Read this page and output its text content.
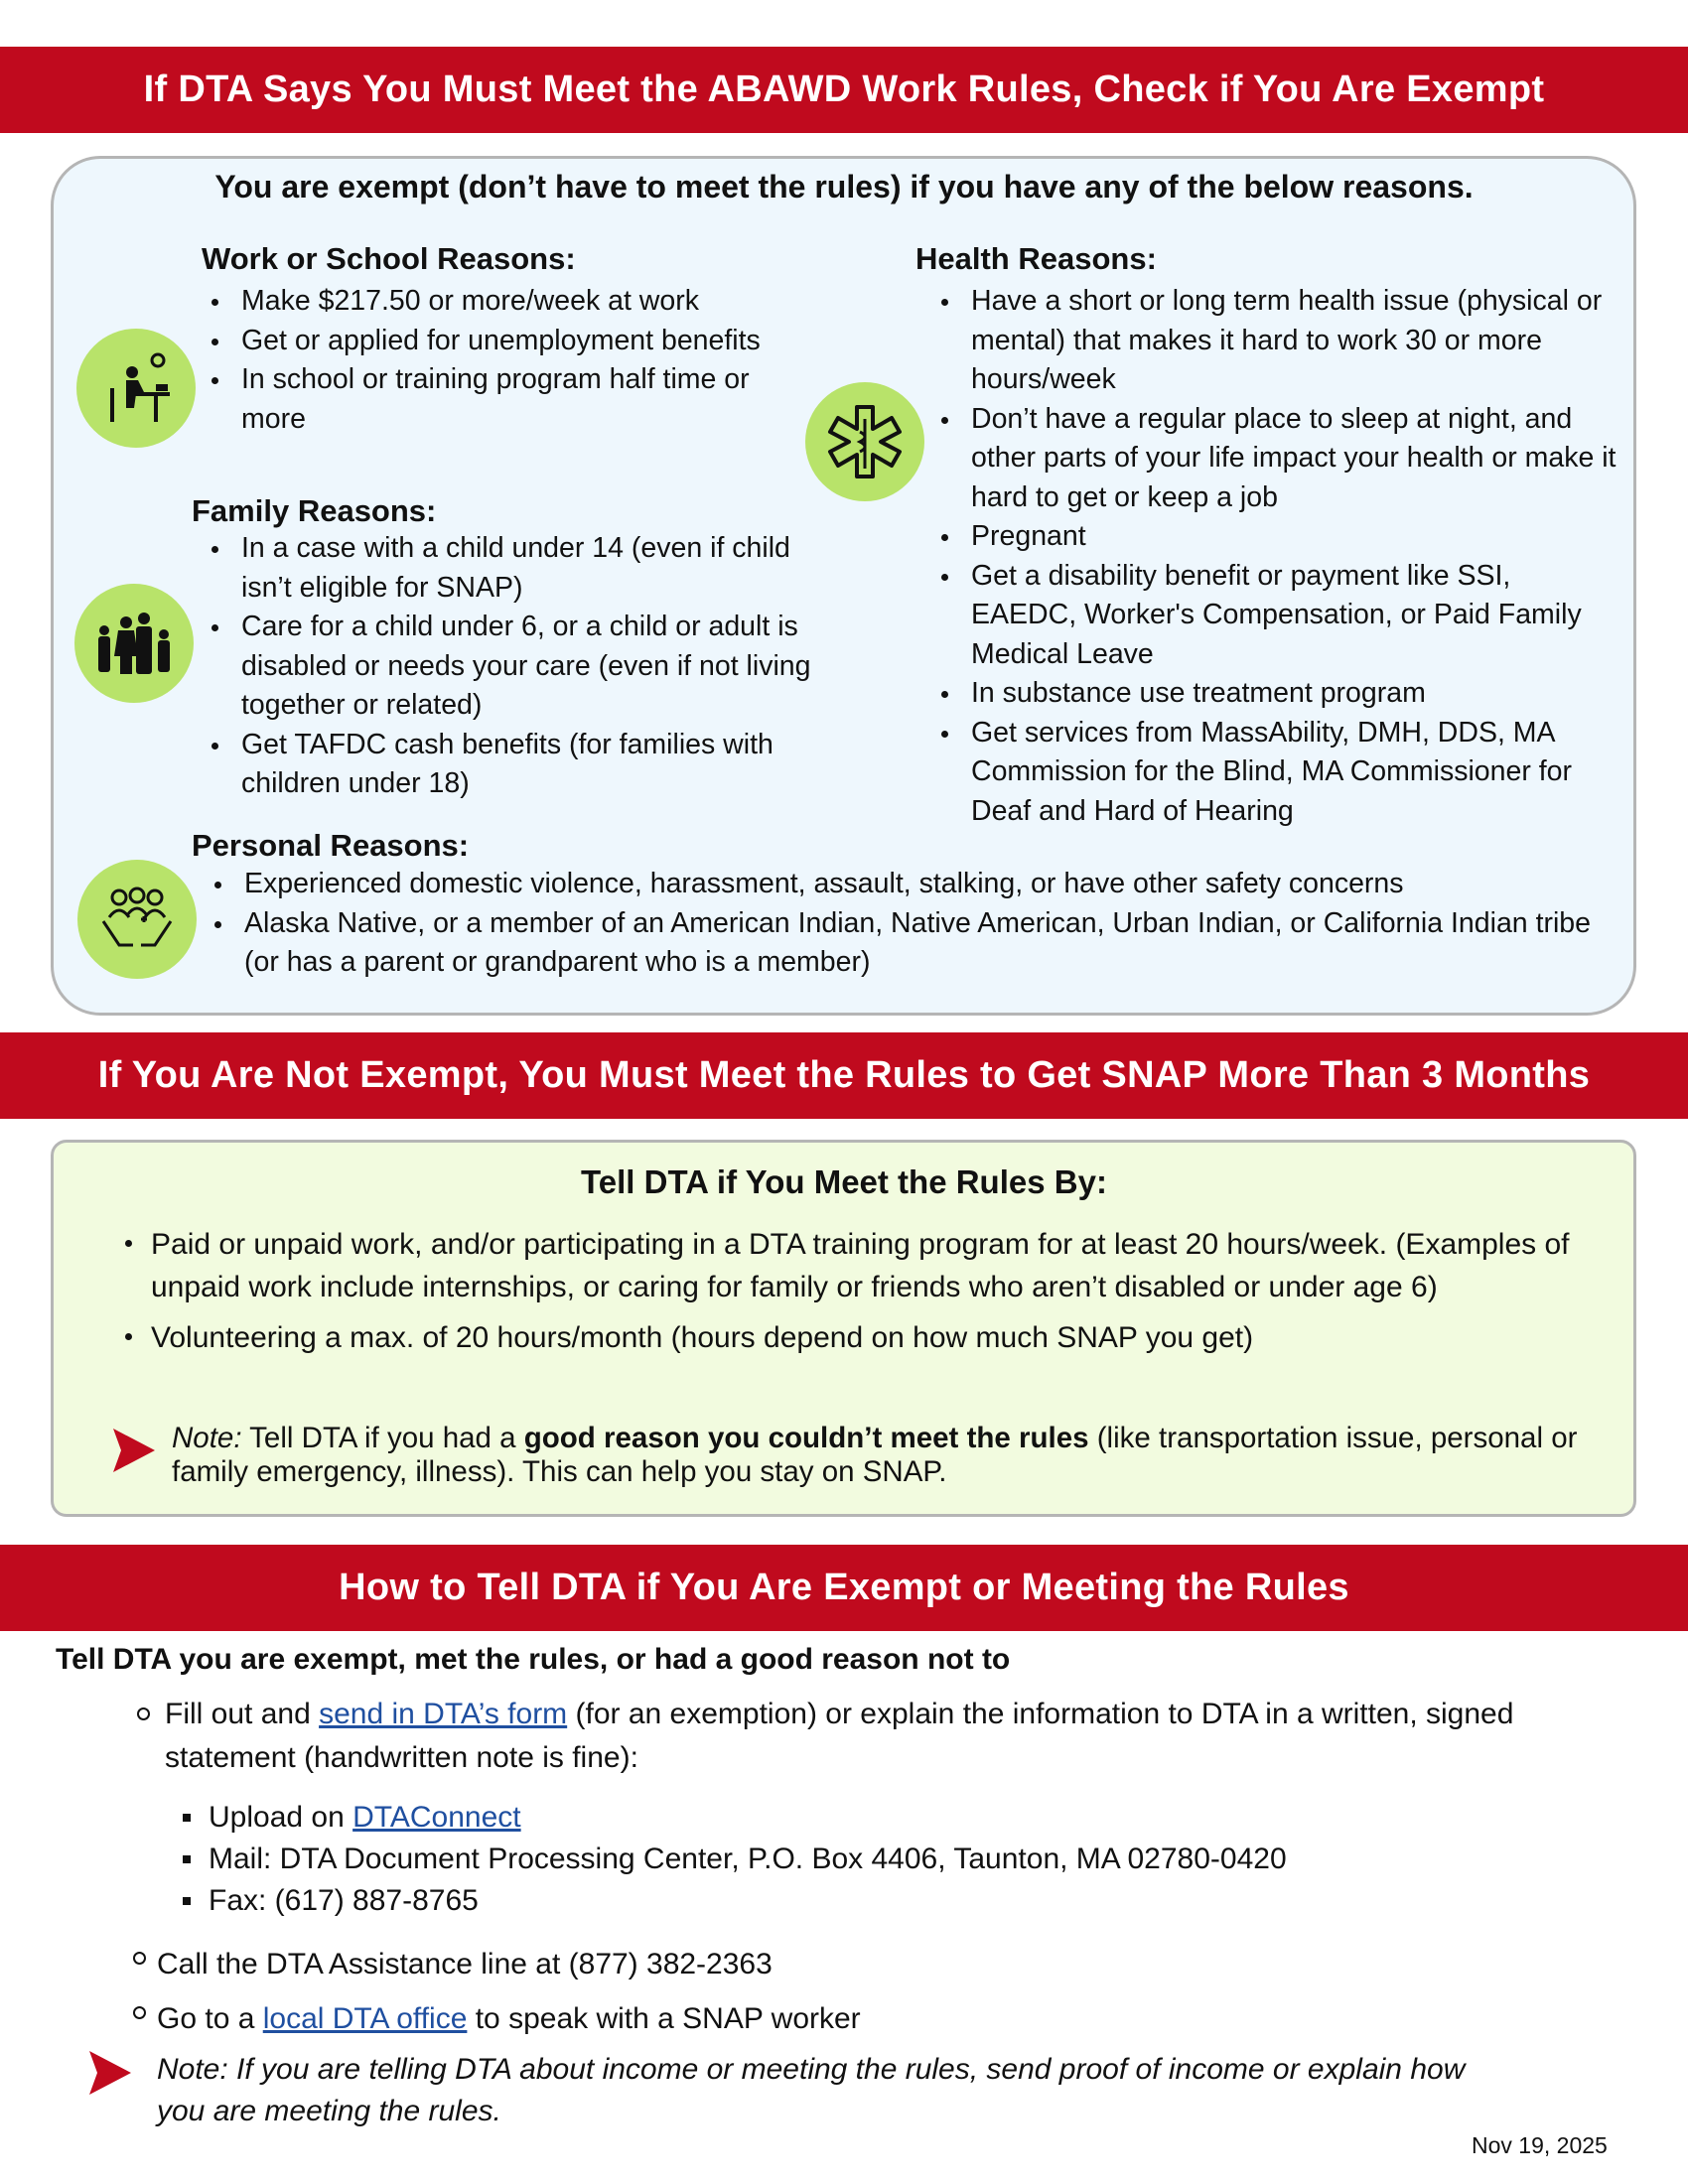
If DTA Says You Must Meet the ABAWD Work Rules, Check if You Are Exempt
You are exempt (don’t have to meet the rules) if you have any of the below reasons.
Work or School Reasons:
Make $217.50 or more/week at work
Get or applied for unemployment benefits
In school or training program half time or more
Family Reasons:
In a case with a child under 14 (even if child isn’t eligible for SNAP)
Care for a child under 6, or a child or adult is disabled or needs your care (even if not living together or related)
Get TAFDC cash benefits (for families with children under 18)
Health Reasons:
Have a short or long term health issue (physical or mental) that makes it hard to work 30 or more hours/week
Don’t have a regular place to sleep at night, and other parts of your life impact your health or make it hard to get or keep a job
Pregnant
Get a disability benefit or payment like SSI, EAEDC, Worker's Compensation, or Paid Family Medical Leave
In substance use treatment program
Get services from MassAbility, DMH, DDS, MA Commission for the Blind, MA Commissioner for Deaf and Hard of Hearing
Personal Reasons:
Experienced domestic violence, harassment, assault, stalking, or have other safety concerns
Alaska Native, or a member of an American Indian, Native American, Urban Indian, or California Indian tribe (or has a parent or grandparent who is a member)
If You Are Not Exempt, You Must Meet the Rules to Get SNAP More Than 3 Months
Tell DTA if You Meet the Rules By:
Paid or unpaid work, and/or participating in a DTA training program for at least 20 hours/week. (Examples of unpaid work include internships, or caring for family or friends who aren’t disabled or under age 6)
Volunteering a max. of 20 hours/month (hours depend on how much SNAP you get)
Note: Tell DTA if you had a good reason you couldn’t meet the rules (like transportation issue, personal or family emergency, illness). This can help you stay on SNAP.
How to Tell DTA if You Are Exempt or Meeting the Rules
Tell DTA you are exempt, met the rules, or had a good reason not to
Fill out and send in DTA’s form (for an exemption) or explain the information to DTA in a written, signed statement (handwritten note is fine):
Upload on DTAConnect
Mail: DTA Document Processing Center, P.O. Box 4406, Taunton, MA 02780-0420
Fax: (617) 887-8765
Call the DTA Assistance line at (877) 382-2363
Go to a local DTA office to speak with a SNAP worker
Note: If you are telling DTA about income or meeting the rules, send proof of income or explain how you are meeting the rules.
Nov 19, 2025
